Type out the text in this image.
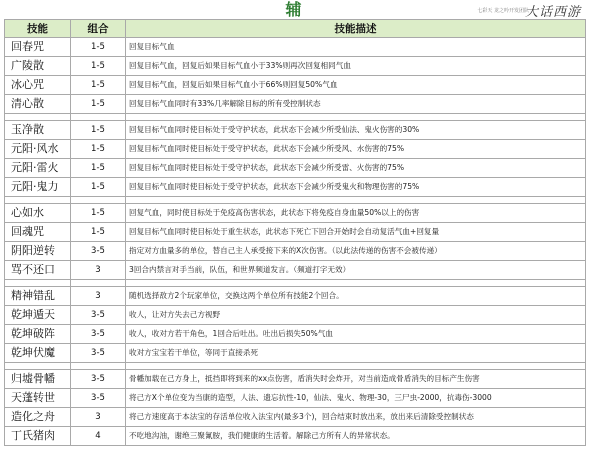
辅	七彩天 龙之吟开发团队
大话西游
技能	组合	技能描述
回春咒	1-5	回复目标气血
广陵散	1-5	回复目标气血，回复后如果目标气血小于33%则再次回复相同气血
冰心咒	1-5	回复目标气血，回复后如果目标气血小于66%则回复50%气血
清心散	1-5	回复目标气血同时有33%几率解除目标的所有受控制状态

玉净散	1-5	回复目标气血同时使目标处于受守护状态，此状态下会减少所受仙法、鬼火伤害的30%
元阳·风水	1-5	回复目标气血同时使目标处于受守护状态，此状态下会减少所受风、水伤害的75%
元阳·雷火	1-5	回复目标气血同时使目标处于受守护状态，此状态下会减少所受雷、火伤害的75%
元阳·鬼力	1-5	回复目标气血同时使目标处于受守护状态，此状态下会减少所受鬼火和物理伤害的75%

心如水	1-5	回复气血，同时使目标处于免疫高伤害状态，此状态下将免疫自身血量50%以上的伤害
回魂咒	1-5	回复目标气血同时使目标处于重生状态，此状态下死亡下回合开始时会自动复活气血+回复量
阴阳逆转	3-5	指定对方血量多的单位，替自己主人承受接下来的X次伤害。（以此法传递的伤害不会被传递）
骂不还口	3	3回合内禁言对手当前，队伍，和世界频道发言。（频道打字无效）

精神错乱	3	随机选择敌方2个玩家单位，交换这两个单位所有技能2个回合。
乾坤遁天	3-5	收人，让对方失去己方视野
乾坤破阵	3-5	收人，收对方若干角色，1回合后吐出。吐出后损失50%气血
乾坤伏魔	3-5	收对方宝宝若干单位，等同于直接杀死

归墟骨幡	3-5	骨幡加载在己方身上，抵挡即将到来的xx点伤害，盾消失时会炸开，对当前造成骨盾消失的目标产生伤害
天蓬转世	3-5	将己方X个单位变为当康的造型，人法、遗忘抗性-10，仙法、鬼火、物理-30，三尸虫-2000，抗毒伤-3000
造化之舟	3	将己方速度高于本法宝的存活单位收入法宝内(最多3个)，回合结束时放出来，放出来后清除受控制状态
丁氏猪肉	4	不吃地沟油，谢绝三聚氰胺，我们健康的生活着。解除己方所有人的异常状态。
